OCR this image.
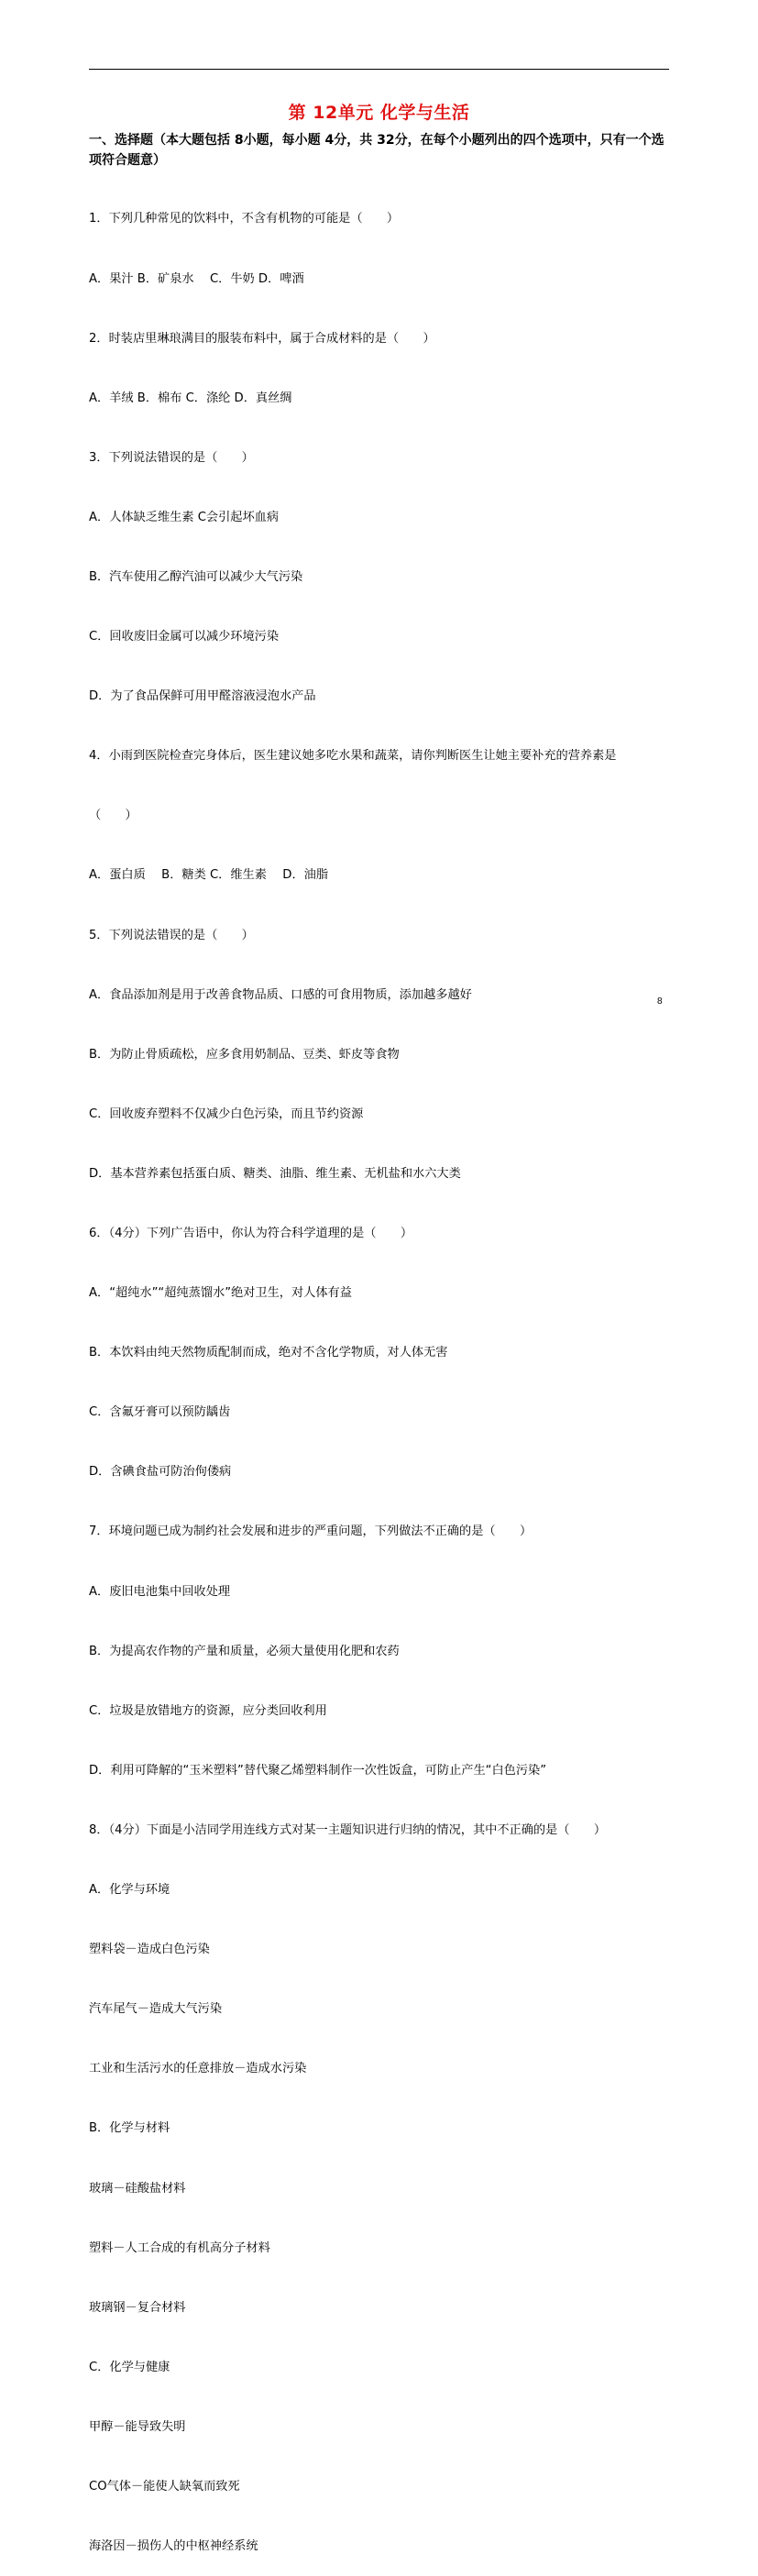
第 12单元 化学与生活
一、选择题（本大题包括 8小题，每小题 4分，共 32分，在每个小题列出的四个选项中，只有一个选项符合题意）

1．下列几种常见的饮料中，不含有机物的可能是（　　）

A．果汁 B．矿泉水　 C．牛奶 D．啤酒

2．时装店里琳琅满目的服装布料中，属于合成材料的是（　　）

A．羊绒 B．棉布 C．涤纶 D．真丝绸

3．下列说法错误的是（　　）

A．人体缺乏维生素 C会引起坏血病

B．汽车使用乙醇汽油可以减少大气污染

C．回收废旧金属可以减少环境污染

D．为了食品保鲜可用甲醛溶液浸泡水产品

4．小雨到医院检查完身体后，医生建议她多吃水果和蔬菜，请你判断医生让她主要补充的营养素是

（　　）

A．蛋白质　 B．糖类 C．维生素　 D．油脂

5．下列说法错误的是（　　）

A．食品添加剂是用于改善食物品质、口感的可食用物质，添加越多越好

B．为防止骨质疏松，应多食用奶制品、豆类、虾皮等食物

C．回收废弃塑料不仅减少白色污染，而且节约资源

D．基本营养素包括蛋白质、糖类、油脂、维生素、无机盐和水六大类

6．（4分）下列广告语中，你认为符合科学道理的是（　　）

A．“超纯水”“超纯蒸馏水”绝对卫生，对人体有益

B．本饮料由纯天然物质配制而成，绝对不含化学物质，对人体无害

C．含氟牙膏可以预防龋齿

D．含碘食盐可防治佝偻病

7．环境问题已成为制约社会发展和进步的严重问题，下列做法不正确的是（　　）

A．废旧电池集中回收处理

B．为提高农作物的产量和质量，必须大量使用化肥和农药

C．垃圾是放错地方的资源，应分类回收利用

D．利用可降解的“玉米塑料”替代聚乙烯塑料制作一次性饭盒，可防止产生“白色污染”

8．（4分）下面是小洁同学用连线方式对某一主题知识进行归纳的情况，其中不正确的是（　　）

A．化学与环境

塑料袋－造成白色污染

汽车尾气－造成大气污染

工业和生活污水的任意排放－造成水污染

B．化学与材料

玻璃－硅酸盐材料

塑料－人工合成的有机高分子材料

玻璃钢－复合材料

C．化学与健康

甲醇－能导致失明

CO气体－能使人缺氧而致死

海洛因－损伤人的中枢神经系统

8
